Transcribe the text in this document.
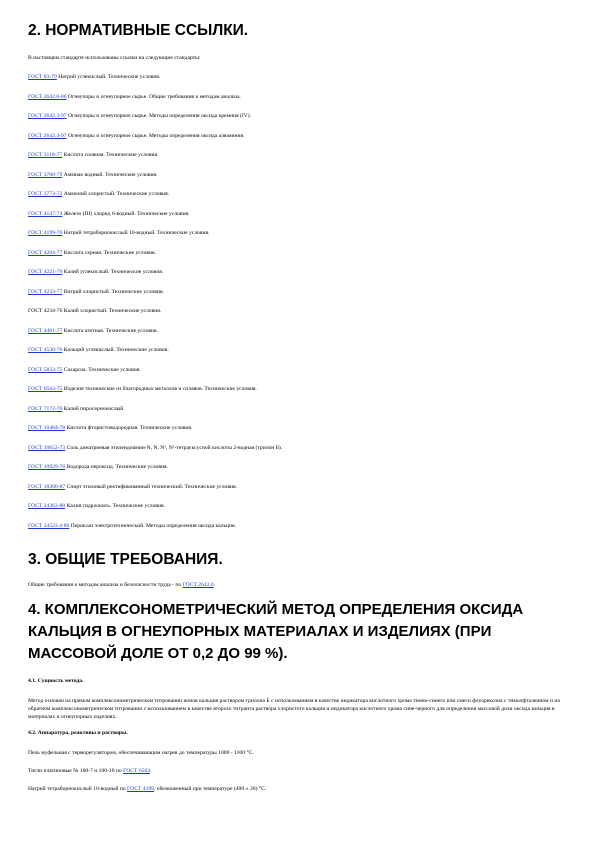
2. НОРМАТИВНЫЕ ССЫЛКИ.

В настоящем стандарте использованы ссылки на следующие стандарты:

ГОСТ 83-79 Натрий углекислый. Технические условия.

ГОСТ 2642.0-86 Огнеупоры и огнеупорное сырье. Общие требования к методам анализа.

ГОСТ 2642.3-97 Огнеупоры и огнеупорное сырье. Методы определения оксида кремния (IV).

ГОСТ 2642.4-97 Огнеупоры и огнеупорное сырье. Методы определения оксида алюминия.

ГОСТ 3118-77 Кислота соляная. Технические условия.

ГОСТ 3760-79 Аммиак водный. Технические условия.

ГОСТ 3773-72 Аммоний хлористый. Технические условия.

ГОСТ 4147-74 Железо (III) хлорид 6-водный. Технические условия.

ГОСТ 4199-76 Натрий тетраборнокислый 10-водный. Технические условия.

ГОСТ 4204-77 Кислота серная. Технические условия.

ГОСТ 4221-76 Калий углекислый. Технические условия.

ГОСТ 4233-77 Натрий хлористый. Технические условия.

ГОСТ 4234-76 Калий хлористый. Технические условия.

ГОСТ 4461-77 Кислота азотная. Технические условия.

ГОСТ 4530-76 Кальций углекислый. Технические условия.

ГОСТ 5833-75 Сахароза. Технические условия.

ГОСТ 6563-75 Изделия технические из благородных металлов и сплавов. Технические условия.

ГОСТ 7172-76 Калий пиросернокислый.

ГОСТ 10484-78 Кислота фтористоводородная. Технические условия.

ГОСТ 10652-73 Соль динатриевая этилендиамин-N, N, N¹, N¹-тетрауксусной кислоты 2-водная (трилон Б).

ГОСТ 10929-76 Водорода пероксид. Технические условия.

ГОСТ 18300-87 Спирт этиловый ректификованный технический. Технические условия.

ГОСТ 24363-80 Калия гидроокись. Технические условия.

ГОСТ 24523.4-80 Периклаз электротехнический. Методы определения оксида кальция.

3. ОБЩИЕ ТРЕБОВАНИЯ.

Общие требования к методам анализа и безопасности труда - по ГОСТ 2642.0.

4. КОМПЛЕКСОНОМЕТРИЧЕСКИЙ МЕТОД ОПРЕДЕЛЕНИЯ ОКСИДА КАЛЬЦИЯ В ОГНЕУПОРНЫХ МАТЕРИАЛАХ И ИЗДЕЛИЯХ (ПРИ МАССОВОЙ ДОЛЕ ОТ 0,2 ДО 99 %).

4.1. Сущность метода.

Метод основан на прямом комплексонометрическом титровании ионов кальция раствором трилона Б с использованием в качестве индикатора кислотного хрома темно-синего или смеси флуорексона с тимолфталеином и на обратном комплексонометрическом титровании с использованием в качестве второго титранта раствора хлористого кальция и индикатора кислотного хрома сине-черного для определения массовой доли оксида кальция в материалах и огнеупорных изделиях.

4.2. Аппаратура, реактивы и растворы.

Печь муфельная с терморегулятором, обеспечивающим нагрев до температуры 1000 - 1100 °С.

Тигли платиновые № 100-7 и 100-10 по ГОСТ 6563.

Натрий тетраборнокислый 10-водный по ГОСТ 4199, обезвоженный при температуре (400 ± 20) °С.
